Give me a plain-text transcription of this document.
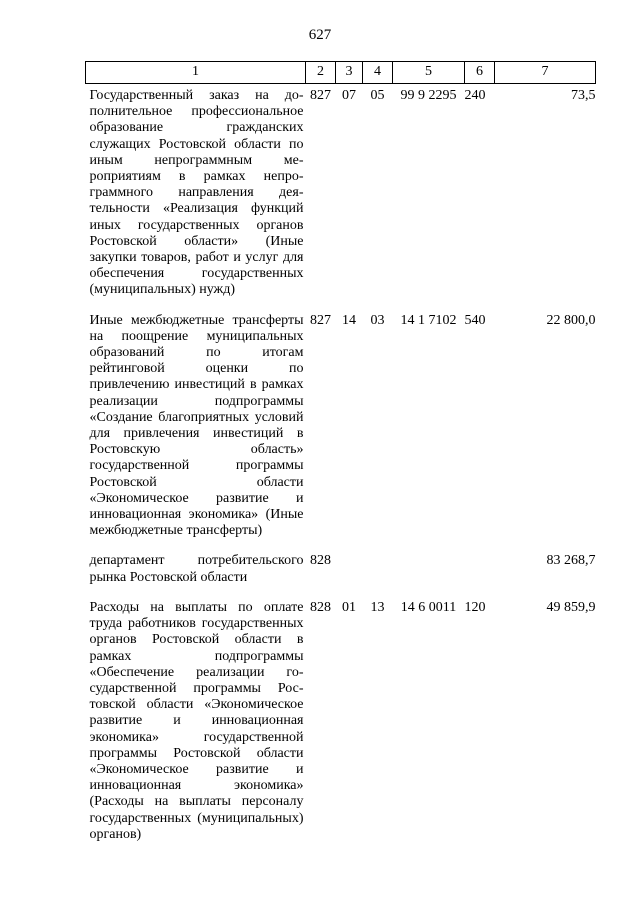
627
1	2	3	4	5	6	7
Государственный заказ на дополнительное профессиональное образование гражданских служащих Ростовской области по иным непрограммным мероприятиям в рамках непрограммного направления деятельности «Реализация функций иных государственных органов Ростовской области» (Иные закупки товаров, работ и услуг для обеспечения государственных (муниципальных) нужд)	827	07	05	99 9 2295	240	73,5

Иные межбюджетные трансферты на поощрение муниципальных образований по итогам рейтинговой оценки по привлечению инвестиций в рамках реализации подпрограммы «Создание благоприятных условий для привлечения инвестиций в Ростовскую область» государственной программы Ростовской области «Экономическое развитие и инновационная экономика» (Иные межбюджетные трансферты)	827	14	03	14 1 7102	540	22 800,0

департамент потребительского рынка Ростовской области	828					83 268,7

Расходы на выплаты по оплате труда работников государственных органов Ростовской области в рамках подпрограммы «Обеспечение реализации государственной программы Ростовской области «Экономическое развитие и инновационная экономика» государственной программы Ростовской области «Экономическое развитие и инновационная экономика» (Расходы на выплаты персоналу государственных (муниципальных) органов)	828	01	13	14 6 0011	120	49 859,9
